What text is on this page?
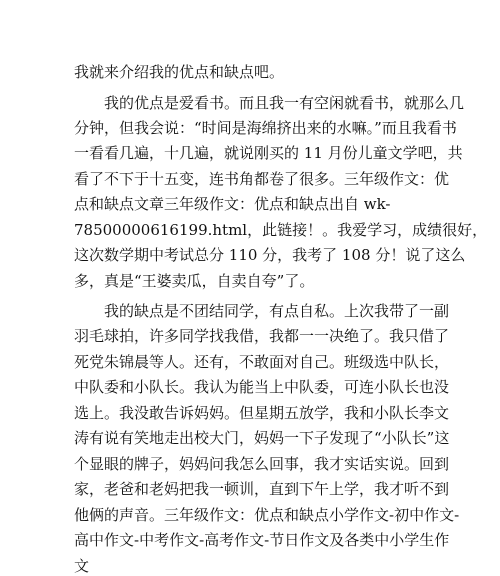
我就来介绍我的优点和缺点吧。

我的优点是爱看书。而且我一有空闲就看书，就那么几

分钟，但我会说：“时间是海绵挤出来的水嘛。”而且我看书

一看看几遍，十几遍，就说刚买的 11 月份儿童文学吧，共

看了不下于十五变，连书角都卷了很多。三年级作文：优

点和缺点文章三年级作文：优点和缺点出自 wk-

78500000616199.html，此链接！。我爱学习，成绩很好，

这次数学期中考试总分 110 分，我考了 108 分！说了这么

多，真是“王婆卖瓜，自卖自夸”了。

我的缺点是不团结同学，有点自私。上次我带了一副

羽毛球拍，许多同学找我借，我都一一决绝了。我只借了

死党朱锦晨等人。还有，不敢面对自己。班级选中队长，

中队委和小队长。我认为能当上中队委，可连小队长也没

选上。我没敢告诉妈妈。但星期五放学，我和小队长李文

涛有说有笑地走出校大门，妈妈一下子发现了“小队长”这

个显眼的牌子，妈妈问我怎么回事，我才实话实说。回到

家，老爸和老妈把我一顿训，直到下午上学，我才听不到

他俩的声音。三年级作文：优点和缺点小学作文-初中作文-

高中作文-中考作文-高考作文-节日作文及各类中小学生作

文
